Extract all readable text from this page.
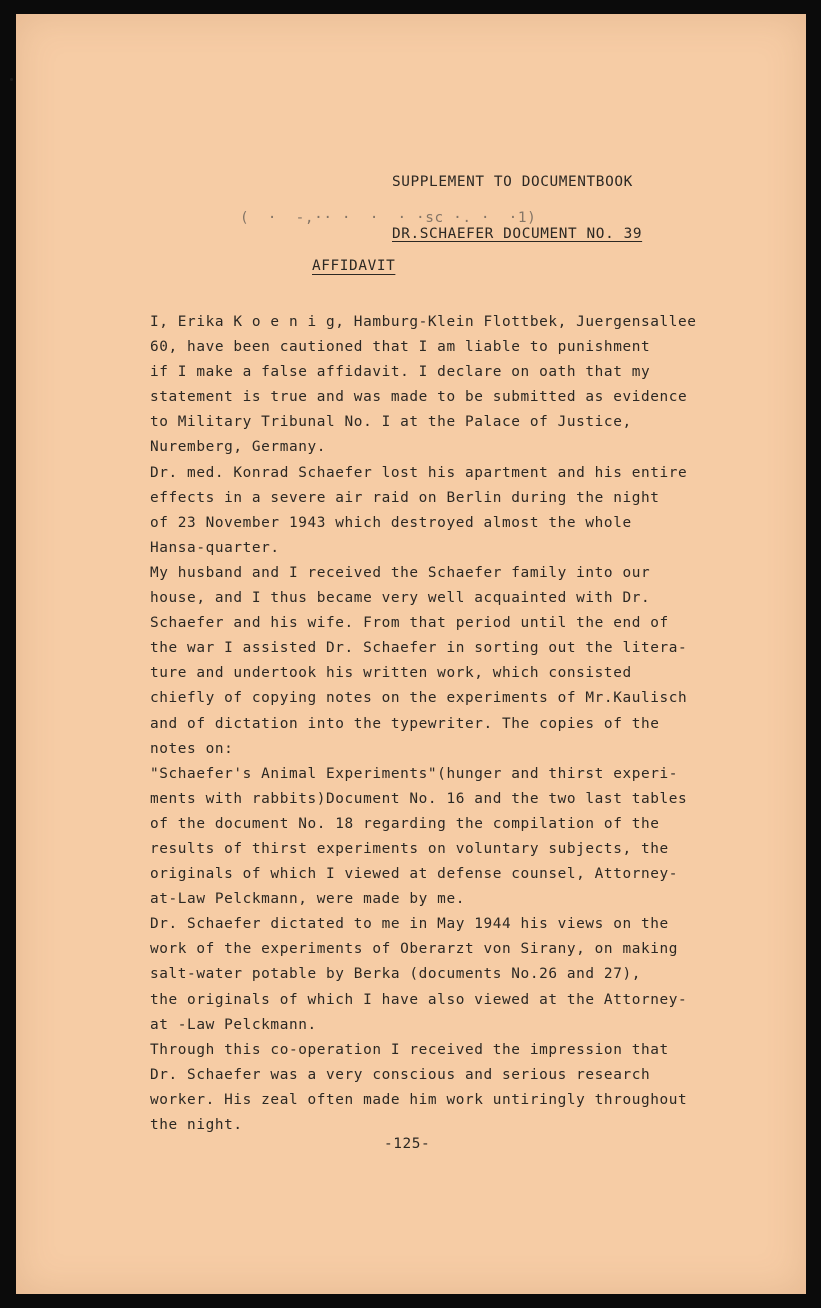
SUPPLEMENT TO DOCUMENTBOOK

DR.SCHAEFER DOCUMENT NO. 39

(  ·  -,·· ·  ·  · ·sc ·. ·  ·1)
AFFIDAVIT
I, Erika K o e n i g, Hamburg-Klein Flottbek, Juergensallee
60, have been cautioned that I am liable to punishment
if I make a false affidavit. I declare on oath that my
statement is true and was made to be submitted as evidence
to Military Tribunal No. I at the Palace of Justice,
Nuremberg, Germany.
Dr. med. Konrad Schaefer lost his apartment and his entire
effects in a severe air raid on Berlin during the night
of 23 November 1943 which destroyed almost the whole
Hansa-quarter.
My husband and I received the Schaefer family into our
house, and I thus became very well acquainted with Dr.
Schaefer and his wife. From that period until the end of
the war I assisted Dr. Schaefer in sorting out the litera-
ture and undertook his written work, which consisted
chiefly of copying notes on the experiments of Mr.Kaulisch
and of dictation into the typewriter. The copies of the
notes on:
"Schaefer's Animal Experiments"(hunger and thirst experi-
ments with rabbits)Document No. 16 and the two last tables
of the document No. 18 regarding the compilation of the
results of thirst experiments on voluntary subjects, the
originals of which I viewed at defense counsel, Attorney-
at-Law Pelckmann, were made by me.
Dr. Schaefer dictated to me in May 1944 his views on the
work of the experiments of Oberarzt von Sirany, on making
salt-water potable by Berka (documents No.26 and 27),
the originals of which I have also viewed at the Attorney-
at -Law Pelckmann.
Through this co-operation I received the impression that
Dr. Schaefer was a very conscious and serious research
worker. His zeal often made him work untiringly throughout
the night.
-125-
